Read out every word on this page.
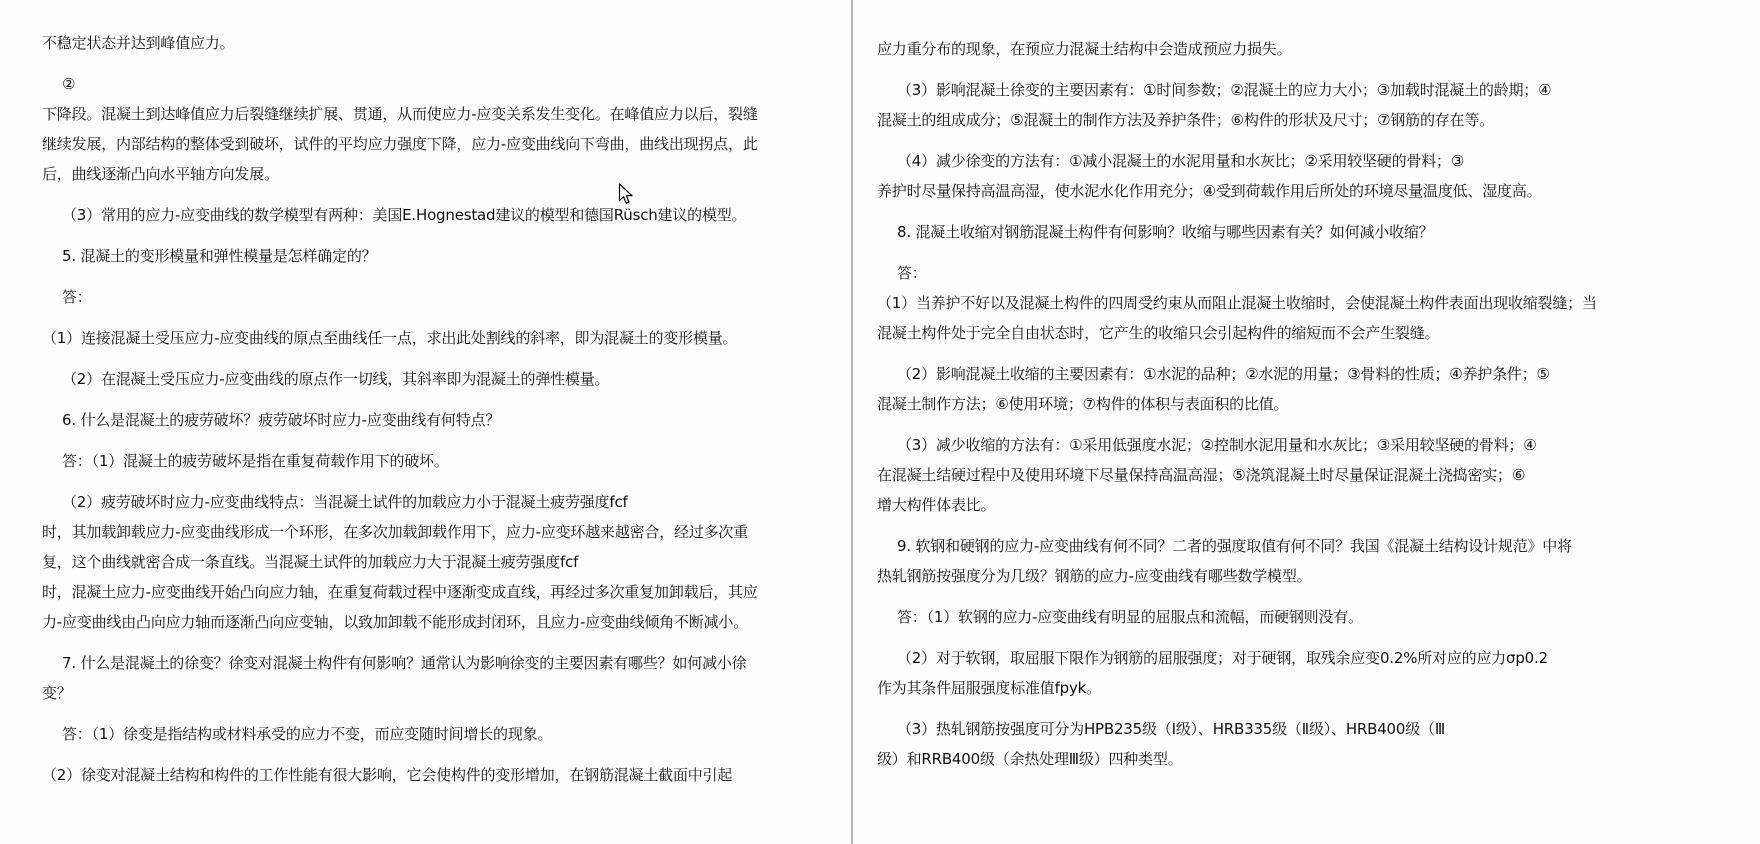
不稳定状态并达到峰值应力。
②
下降段。混凝土到达峰值应力后裂缝继续扩展、贯通，从而使应力-应变关系发生变化。在峰值应力以后，裂缝
继续发展，内部结构的整体受到破坏，试件的平均应力强度下降，应力-应变曲线向下弯曲，曲线出现拐点，此
后，曲线逐渐凸向水平轴方向发展。
（3）常用的应力-应变曲线的数学模型有两种：美国E.Hognestad建议的模型和德国Rüsch建议的模型。
5. 混凝土的变形模量和弹性模量是怎样确定的？
答：
（1）连接混凝土受压应力-应变曲线的原点至曲线任一点，求出此处割线的斜率，即为混凝土的变形模量。
（2）在混凝土受压应力-应变曲线的原点作一切线，其斜率即为混凝土的弹性模量。
6. 什么是混凝土的疲劳破坏？疲劳破坏时应力-应变曲线有何特点？
答：（1）混凝土的疲劳破坏是指在重复荷载作用下的破坏。
（2）疲劳破坏时应力-应变曲线特点：当混凝土试件的加载应力小于混凝土疲劳强度fcf
时，其加载卸载应力-应变曲线形成一个环形，在多次加载卸载作用下，应力-应变环越来越密合，经过多次重
复，这个曲线就密合成一条直线。当混凝土试件的加载应力大于混凝土疲劳强度fcf
时，混凝土应力-应变曲线开始凸向应力轴，在重复荷载过程中逐渐变成直线，再经过多次重复加卸载后，其应
力-应变曲线由凸向应力轴而逐渐凸向应变轴，以致加卸载不能形成封闭环，且应力-应变曲线倾角不断减小。
7. 什么是混凝土的徐变？徐变对混凝土构件有何影响？通常认为影响徐变的主要因素有哪些？如何减小徐
变？
答：（1）徐变是指结构或材料承受的应力不变，而应变随时间增长的现象。
（2）徐变对混凝土结构和构件的工作性能有很大影响，它会使构件的变形增加，在钢筋混凝土截面中引起
应力重分布的现象，在预应力混凝土结构中会造成预应力损失。
（3）影响混凝土徐变的主要因素有：①时间参数；②混凝土的应力大小；③加载时混凝土的龄期；④
混凝土的组成成分；⑤混凝土的制作方法及养护条件；⑥构件的形状及尺寸；⑦钢筋的存在等。
（4）减少徐变的方法有：①减小混凝土的水泥用量和水灰比；②采用较坚硬的骨料；③
养护时尽量保持高温高湿，使水泥水化作用充分；④受到荷载作用后所处的环境尽量温度低、湿度高。
8. 混凝土收缩对钢筋混凝土构件有何影响？收缩与哪些因素有关？如何减小收缩？
答：
（1）当养护不好以及混凝土构件的四周受约束从而阻止混凝土收缩时，会使混凝土构件表面出现收缩裂缝；当
混凝土构件处于完全自由状态时，它产生的收缩只会引起构件的缩短而不会产生裂缝。
（2）影响混凝土收缩的主要因素有：①水泥的品种；②水泥的用量；③骨料的性质；④养护条件；⑤
混凝土制作方法；⑥使用环境；⑦构件的体积与表面积的比值。
（3）减少收缩的方法有：①采用低强度水泥；②控制水泥用量和水灰比；③采用较坚硬的骨料；④
在混凝土结硬过程中及使用环境下尽量保持高温高湿；⑤浇筑混凝土时尽量保证混凝土浇捣密实；⑥
增大构件体表比。
9. 软钢和硬钢的应力-应变曲线有何不同？二者的强度取值有何不同？我国《混凝土结构设计规范》中将
热轧钢筋按强度分为几级？钢筋的应力-应变曲线有哪些数学模型。
答：（1）软钢的应力-应变曲线有明显的屈服点和流幅，而硬钢则没有。
（2）对于软钢，取屈服下限作为钢筋的屈服强度；对于硬钢，取残余应变0.2%所对应的应力σp0.2
作为其条件屈服强度标准值fpyk。
（3）热轧钢筋按强度可分为HPB235级（Ⅰ级）、HRB335级（Ⅱ级）、HRB400级（Ⅲ
级）和RRB400级（余热处理Ⅲ级）四种类型。
